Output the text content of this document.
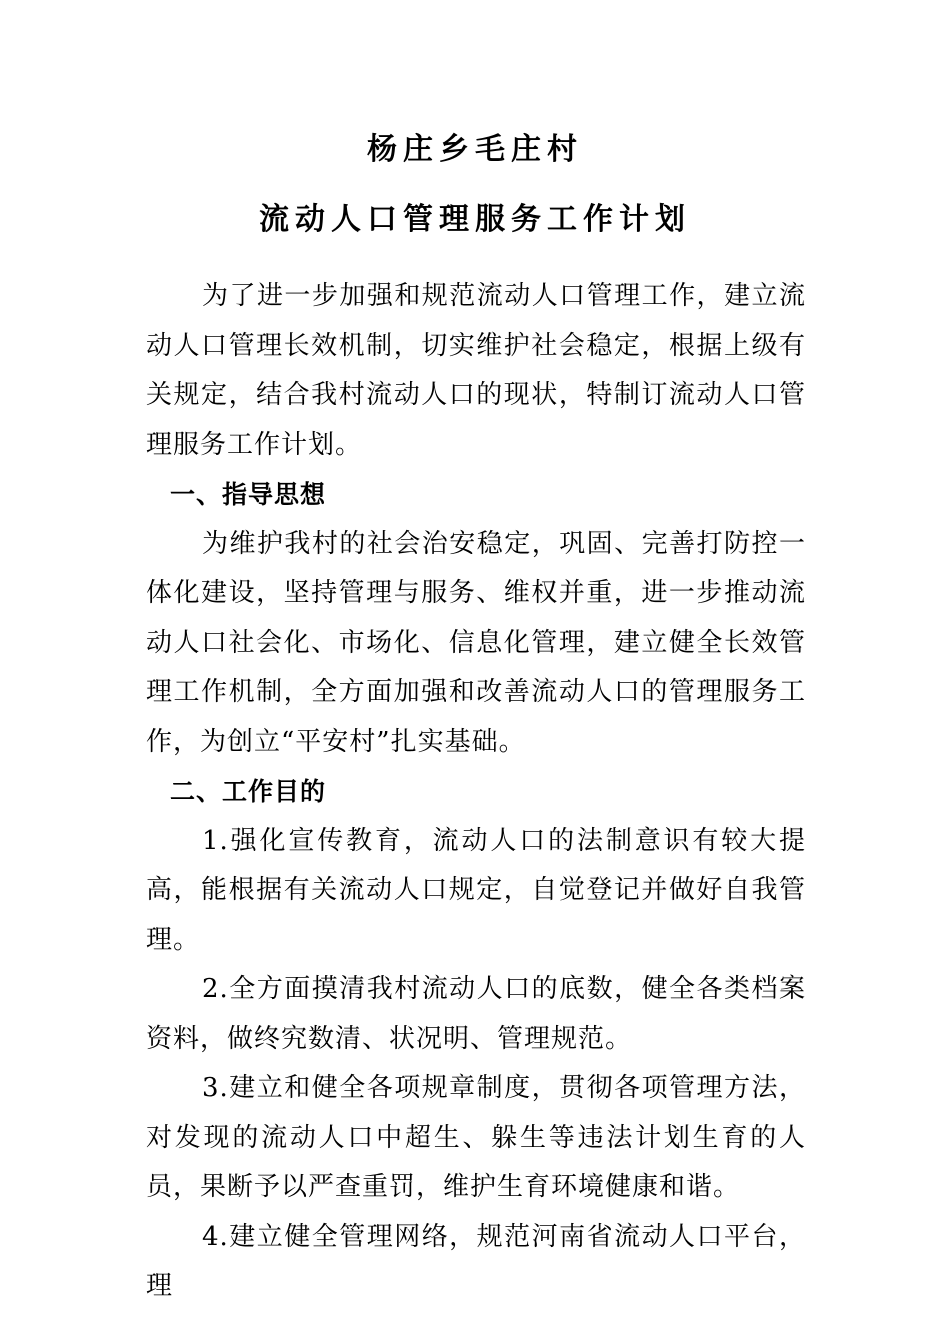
杨庄乡毛庄村
流动人口管理服务工作计划

为了进一步加强和规范流动人口管理工作，建立流动人口管理长效机制，切实维护社会稳定，根据上级有关规定，结合我村流动人口的现状，特制订流动人口管理服务工作计划。

一、指导思想

为维护我村的社会治安稳定，巩固、完善打防控一体化建设，坚持管理与服务、维权并重，进一步推动流动人口社会化、市场化、信息化管理，建立健全长效管理工作机制，全方面加强和改善流动人口的管理服务工作，为创立“平安村”扎实基础。

二、工作目的

1.强化宣传教育，流动人口的法制意识有较大提高，能根据有关流动人口规定，自觉登记并做好自我管理。

2.全方面摸清我村流动人口的底数，健全各类档案资料，做终究数清、状况明、管理规范。

3.建立和健全各项规章制度，贯彻各项管理方法，对发现的流动人口中超生、躲生等违法计划生育的人员，果断予以严查重罚，维护生育环境健康和谐。

4.建立健全管理网络，规范河南省流动人口平台，理
